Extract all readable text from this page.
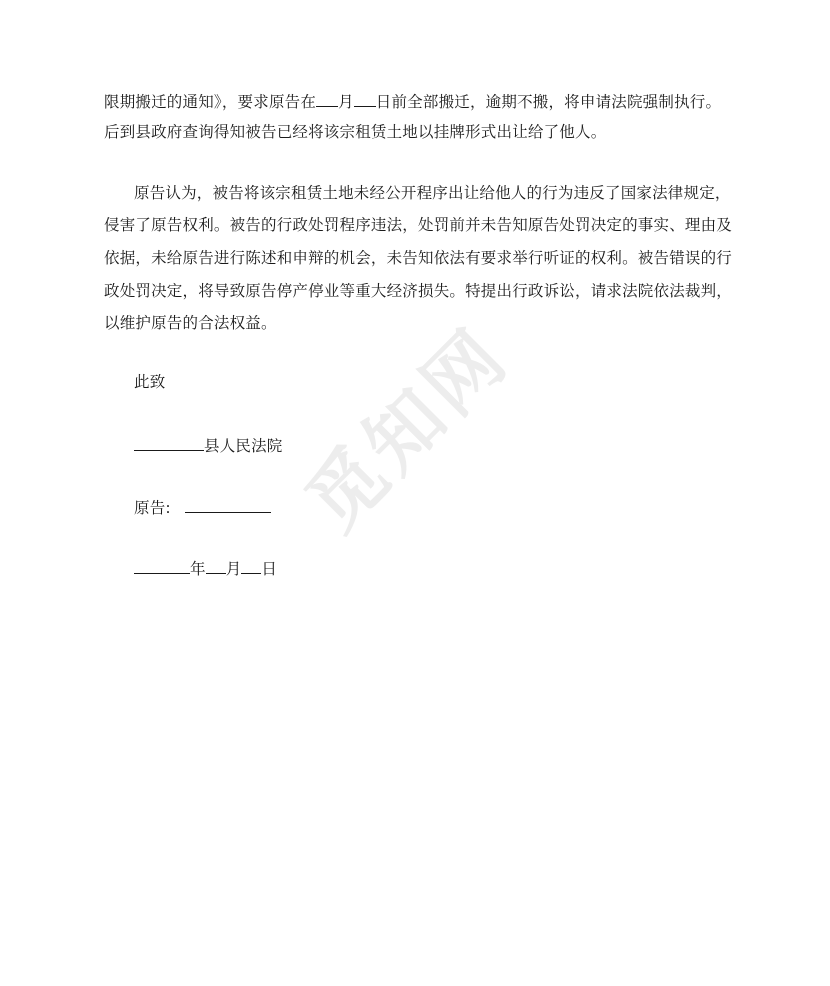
觅知网
限期搬迁的通知》，要求原告在 月 日前全部搬迁，逾期不搬，将申请法院强制执行。
后到县政府查询得知被告已经将该宗租赁土地以挂牌形式出让给了他人。
原告认为，被告将该宗租赁土地未经公开程序出让给他人的行为违反了国家法律规定，
侵害了原告权利。被告的行政处罚程序违法，处罚前并未告知原告处罚决定的事实、理由及
依据，未给原告进行陈述和申辩的机会，未告知依法有要求举行听证的权利。被告错误的行
政处罚决定，将导致原告停产停业等重大经济损失。特提出行政诉讼，请求法院依法裁判，
以维护原告的合法权益。
此致
县人民法院
原告:
年 月 日
